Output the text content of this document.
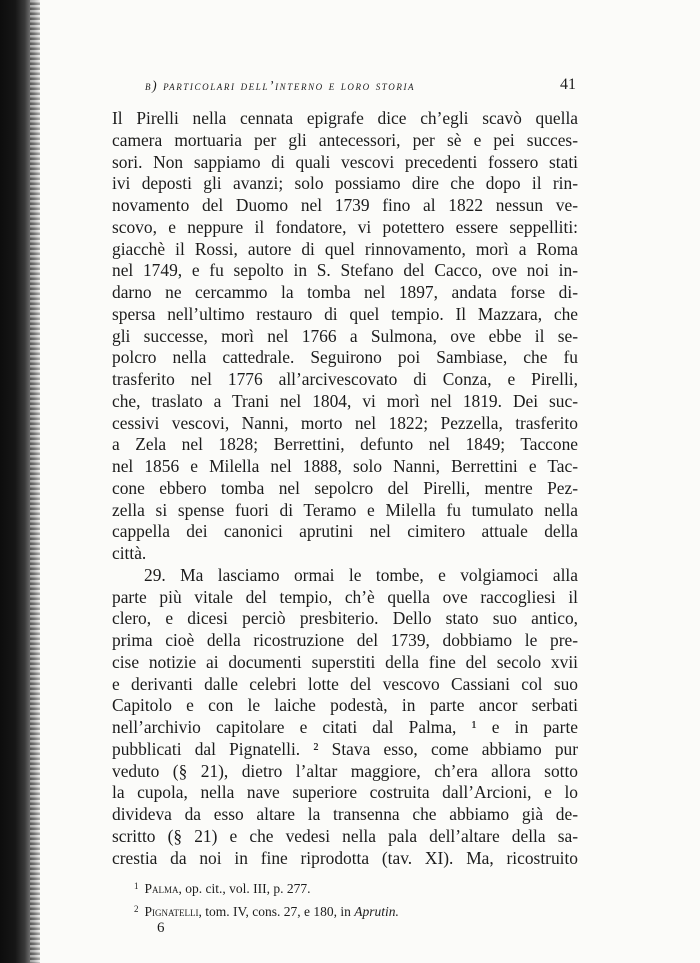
b) particolari dell’interno e loro storia	41
Il Pirelli nella cennata epigrafe dice ch’egli scavò quella
camera mortuaria per gli antecessori, per sè e pei succes-
sori. Non sappiamo di quali vescovi precedenti fossero stati
ivi deposti gli avanzi; solo possiamo dire che dopo il rin-
novamento del Duomo nel 1739 fino al 1822 nessun ve-
scovo, e neppure il fondatore, vi potettero essere seppelliti:
giacchè il Rossi, autore di quel rinnovamento, morì a Roma
nel 1749, e fu sepolto in S. Stefano del Cacco, ove noi in-
darno ne cercammo la tomba nel 1897, andata forse di-
spersa nell’ultimo restauro di quel tempio. Il Mazzara, che
gli successe, morì nel 1766 a Sulmona, ove ebbe il se-
polcro nella cattedrale. Seguirono poi Sambiase, che fu
trasferito nel 1776 all’arcivescovato di Conza, e Pirelli,
che, traslato a Trani nel 1804, vi morì nel 1819. Dei suc-
cessivi vescovi, Nanni, morto nel 1822; Pezzella, trasferito
a Zela nel 1828; Berrettini, defunto nel 1849; Taccone
nel 1856 e Milella nel 1888, solo Nanni, Berrettini e Tac-
cone ebbero tomba nel sepolcro del Pirelli, mentre Pez-
zella si spense fuori di Teramo e Milella fu tumulato nella
cappella dei canonici aprutini nel cimitero attuale della
città.
29. Ma lasciamo ormai le tombe, e volgiamoci alla
parte più vitale del tempio, ch’è quella ove raccogliesi il
clero, e dicesi perciò presbiterio. Dello stato suo antico,
prima cioè della ricostruzione del 1739, dobbiamo le pre-
cise notizie ai documenti superstiti della fine del secolo xvii
e derivanti dalle celebri lotte del vescovo Cassiani col suo
Capitolo e con le laiche podestà, in parte ancor serbati
nell’archivio capitolare e citati dal Palma, ¹ e in parte
pubblicati dal Pignatelli. ² Stava esso, come abbiamo pur
veduto (§ 21), dietro l’altar maggiore, ch’era allora sotto
la cupola, nella nave superiore costruita dall’Arcioni, e lo
divideva da esso altare la transenna che abbiamo già de-
scritto (§ 21) e che vedesi nella pala dell’altare della sa-
crestia da noi in fine riprodotta (tav. XI). Ma, ricostruito
$^1$ Palma, op. cit., vol. III, p. 277.
$^2$ Pignatelli, tom. IV, cons. 27, e 180, in Aprutin.
6
